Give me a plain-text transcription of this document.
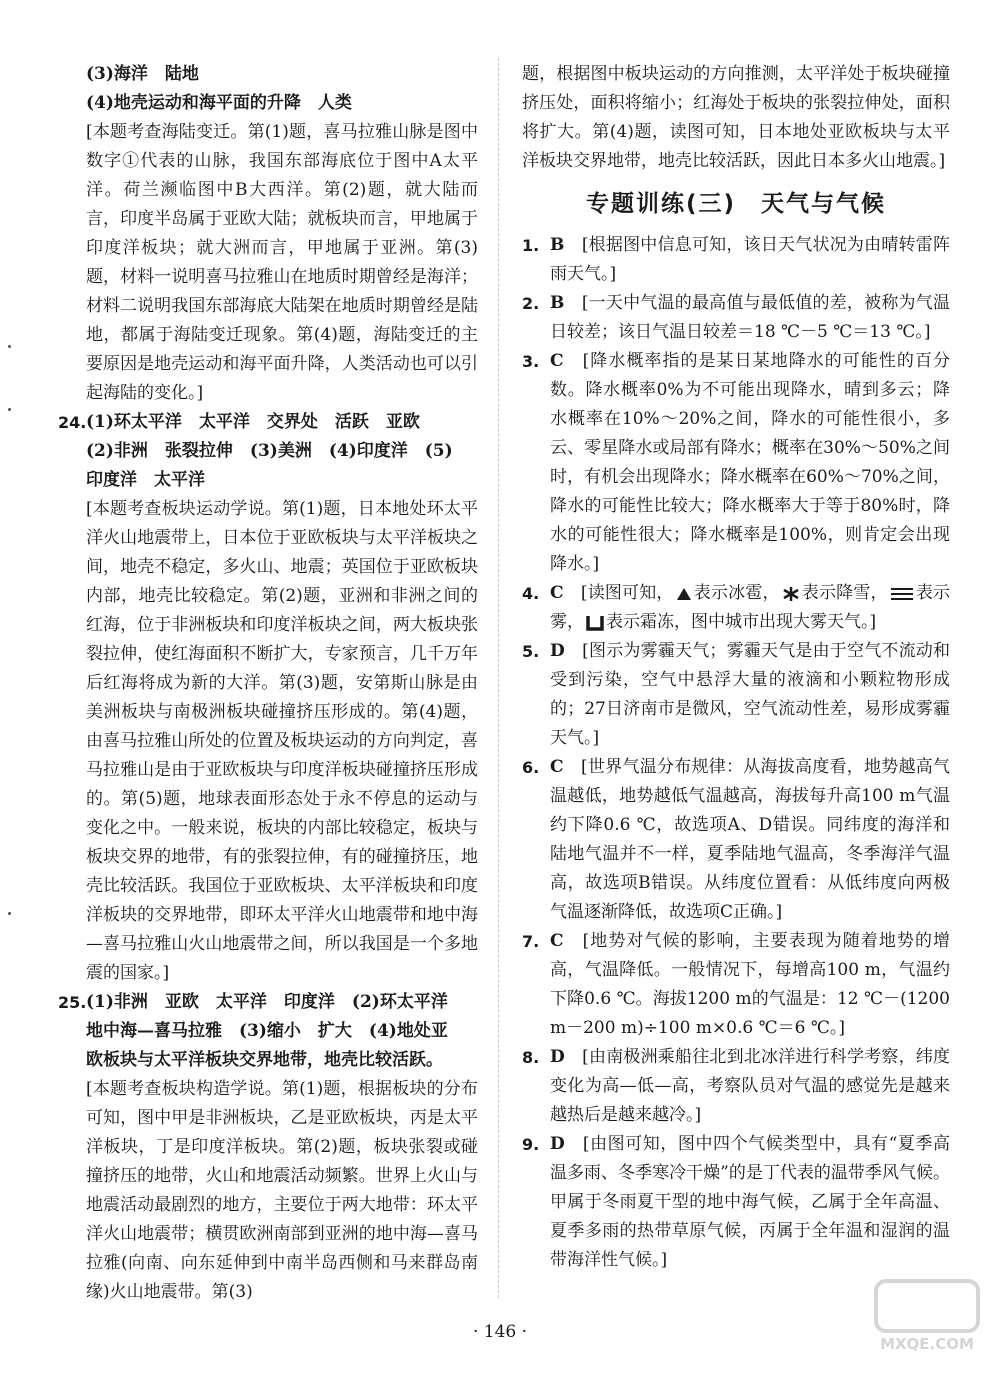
(3)海洋　陆地
(4)地壳运动和海平面的升降　人类
[本题考查海陆变迁。第(1)题，喜马拉雅山脉是图中数字①代表的山脉，我国东部海底位于图中A太平洋。荷兰濒临图中B大西洋。第(2)题，就大陆而言，印度半岛属于亚欧大陆；就板块而言，甲地属于印度洋板块；就大洲而言，甲地属于亚洲。第(3)题，材料一说明喜马拉雅山在地质时期曾经是海洋；材料二说明我国东部海底大陆架在地质时期曾经是陆地，都属于海陆变迁现象。第(4)题，海陆变迁的主要原因是地壳运动和海平面升降，人类活动也可以引起海陆的变化。]
24. (1)环太平洋　太平洋　交界处　活跃　亚欧
(2)非洲　张裂拉伸　(3)美洲　(4)印度洋　(5)
印度洋　太平洋
[本题考查板块运动学说。第(1)题，日本地处环太平洋火山地震带上，日本位于亚欧板块与太平洋板块之间，地壳不稳定，多火山、地震；英国位于亚欧板块内部，地壳比较稳定。第(2)题，亚洲和非洲之间的红海，位于非洲板块和印度洋板块之间，两大板块张裂拉伸，使红海面积不断扩大，专家预言，几千万年后红海将成为新的大洋。第(3)题，安第斯山脉是由美洲板块与南极洲板块碰撞挤压形成的。第(4)题，由喜马拉雅山所处的位置及板块运动的方向判定，喜马拉雅山是由于亚欧板块与印度洋板块碰撞挤压形成的。第(5)题，地球表面形态处于永不停息的运动与变化之中。一般来说，板块的内部比较稳定，板块与板块交界的地带，有的张裂拉伸，有的碰撞挤压，地壳比较活跃。我国位于亚欧板块、太平洋板块和印度洋板块的交界地带，即环太平洋火山地震带和地中海—喜马拉雅山火山地震带之间，所以我国是一个多地震的国家。]
25. (1)非洲　亚欧　太平洋　印度洋　(2)环太平洋
地中海—喜马拉雅　(3)缩小　扩大　(4)地处亚
欧板块与太平洋板块交界地带，地壳比较活跃。
[本题考查板块构造学说。第(1)题，根据板块的分布可知，图中甲是非洲板块，乙是亚欧板块，丙是太平洋板块，丁是印度洋板块。第(2)题，板块张裂或碰撞挤压的地带，火山和地震活动频繁。世界上火山与地震活动最剧烈的地方，主要位于两大地带：环太平洋火山地震带；横贯欧洲南部到亚洲的地中海—喜马拉雅(向南、向东延伸到中南半岛西侧和马来群岛南缘)火山地震带。第(3)
题，根据图中板块运动的方向推测，太平洋处于板块碰撞挤压处，面积将缩小；红海处于板块的张裂拉伸处，面积将扩大。第(4)题，读图可知，日本地处亚欧板块与太平洋板块交界地带，地壳比较活跃，因此日本多火山地震。]
专题训练(三)　天气与气候
1. B　 [根据图中信息可知，该日天气状况为由晴转雷阵雨天气。]
2. B　 [一天中气温的最高值与最低值的差，被称为气温日较差；该日气温日较差＝18 ℃－5 ℃＝13 ℃。]
3. C　 [降水概率指的是某日某地降水的可能性的百分数。降水概率0%为不可能出现降水，晴到多云；降水概率在10%～20%之间，降水的可能性很小，多云、零星降水或局部有降水；概率在30%～50%之间时，有机会出现降水；降水概率在60%～70%之间，降水的可能性比较大；降水概率大于等于80%时，降水的可能性很大；降水概率是100%，则肯定会出现降水。]
4. C　 [读图可知， 表示冰雹， 表示降雪， 表示雾， 表示霜冻，图中城市出现大雾天气。]
5. D　 [图示为雾霾天气；雾霾天气是由于空气不流动和受到污染，空气中悬浮大量的液滴和小颗粒物形成的；27日济南市是微风，空气流动性差，易形成雾霾天气。]
6. C　 [世界气温分布规律：从海拔高度看，地势越高气温越低，地势越低气温越高，海拔每升高100 m气温约下降0.6 ℃，故选项A、D错误。同纬度的海洋和陆地气温并不一样，夏季陆地气温高，冬季海洋气温高，故选项B错误。从纬度位置看：从低纬度向两极气温逐渐降低，故选项C正确。]
7. C　 [地势对气候的影响，主要表现为随着地势的增高，气温降低。一般情况下，每增高100 m，气温约下降0.6 ℃。海拔1200 m的气温是：12 ℃－(1200 m－200 m)÷100 m×0.6 ℃＝6 ℃。]
8. D　 [由南极洲乘船往北到北冰洋进行科学考察，纬度变化为高—低—高，考察队员对气温的感觉先是越来越热后是越来越冷。]
9. D　 [由图可知，图中四个气候类型中，具有“夏季高温多雨、冬季寒冷干燥”的是丁代表的温带季风气候。甲属于冬雨夏干型的地中海气候，乙属于全年高温、夏季多雨的热带草原气候，丙属于全年温和湿润的温带海洋性气候。]
· 146 ·
MXQE.COM
